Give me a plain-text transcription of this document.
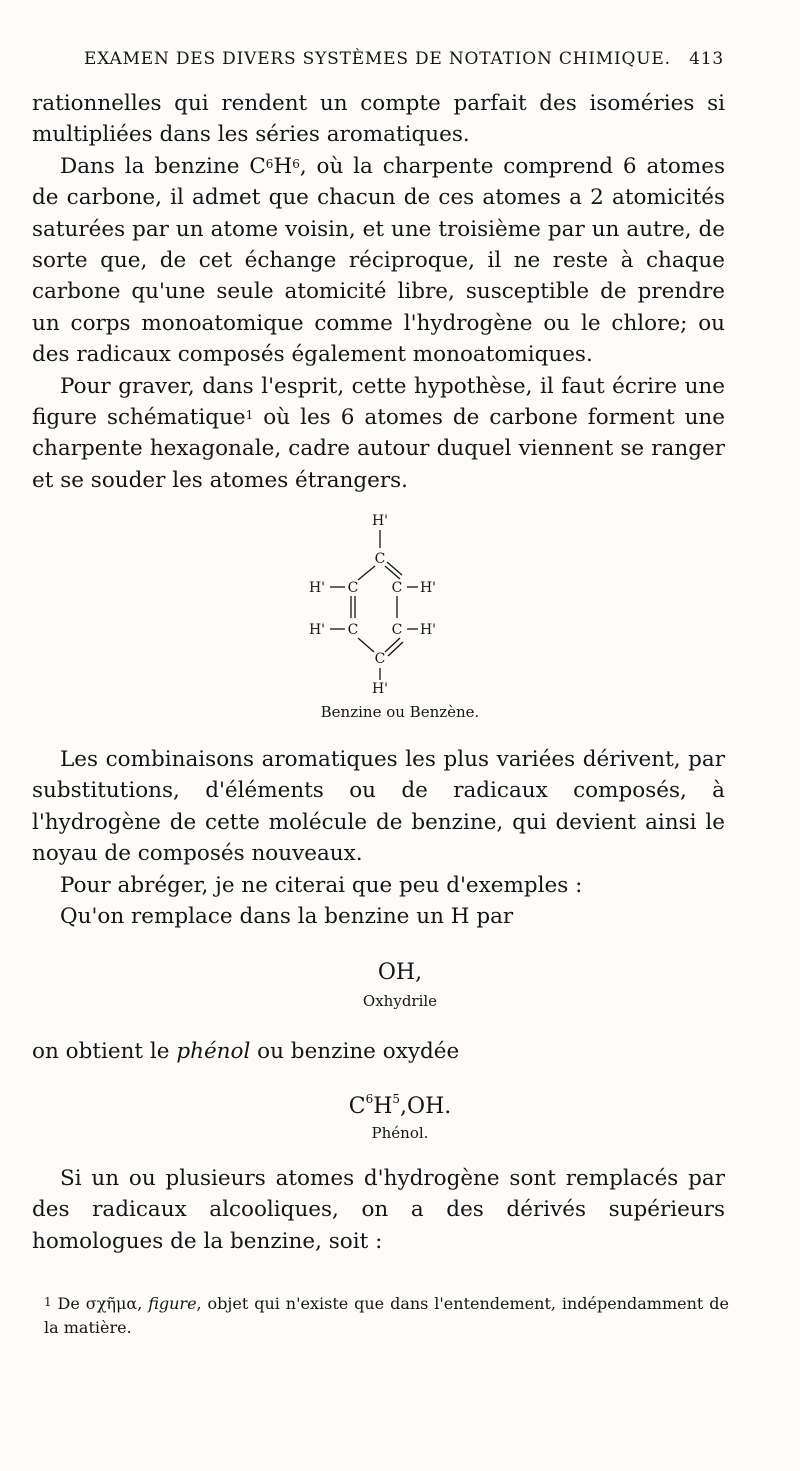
EXAMEN DES DIVERS SYSTÈMES DE NOTATION CHIMIQUE. 413

rationnelles qui rendent un compte parfait des isoméries si multipliées dans les séries aromatiques.

Dans la benzine $C^6H^6$, où la charpente comprend 6 atomes de carbone, il admet que chacun de ces atomes a 2 atomicités saturées par un atome voisin, et une troisième par un autre, de sorte que, de cet échange réciproque, il ne reste à chaque carbone qu'une seule atomicité libre, susceptible de prendre un corps monoatomique comme l'hydrogène ou le chlore; ou des radicaux composés également monoatomiques.

Pour graver, dans l'esprit, cette hypothèse, il faut écrire une figure schématique$^1$ où les 6 atomes de carbone forment une charpente hexagonale, cadre autour duquel viennent se ranger et se souder les atomes étrangers.

H'
C
H' C C H'
H' C C H'
C
H'
Benzine ou Benzène.

Les combinaisons aromatiques les plus variées dérivent, par substitutions, d'éléments ou de radicaux composés, à l'hydrogène de cette molécule de benzine, qui devient ainsi le noyau de composés nouveaux.

Pour abréger, je ne citerai que peu d'exemples :

Qu'on remplace dans la benzine un H par

OH,
Oxhydrile

on obtient le phénol ou benzine oxydée

$C^6H^5,OH$.
Phénol.

Si un ou plusieurs atomes d'hydrogène sont remplacés par des radicaux alcooliques, on a des dérivés supérieurs homologues de la benzine, soit :

$^1$ De σχῆμα, figure, objet qui n'existe que dans l'entendement, indépendamment de la matière.
